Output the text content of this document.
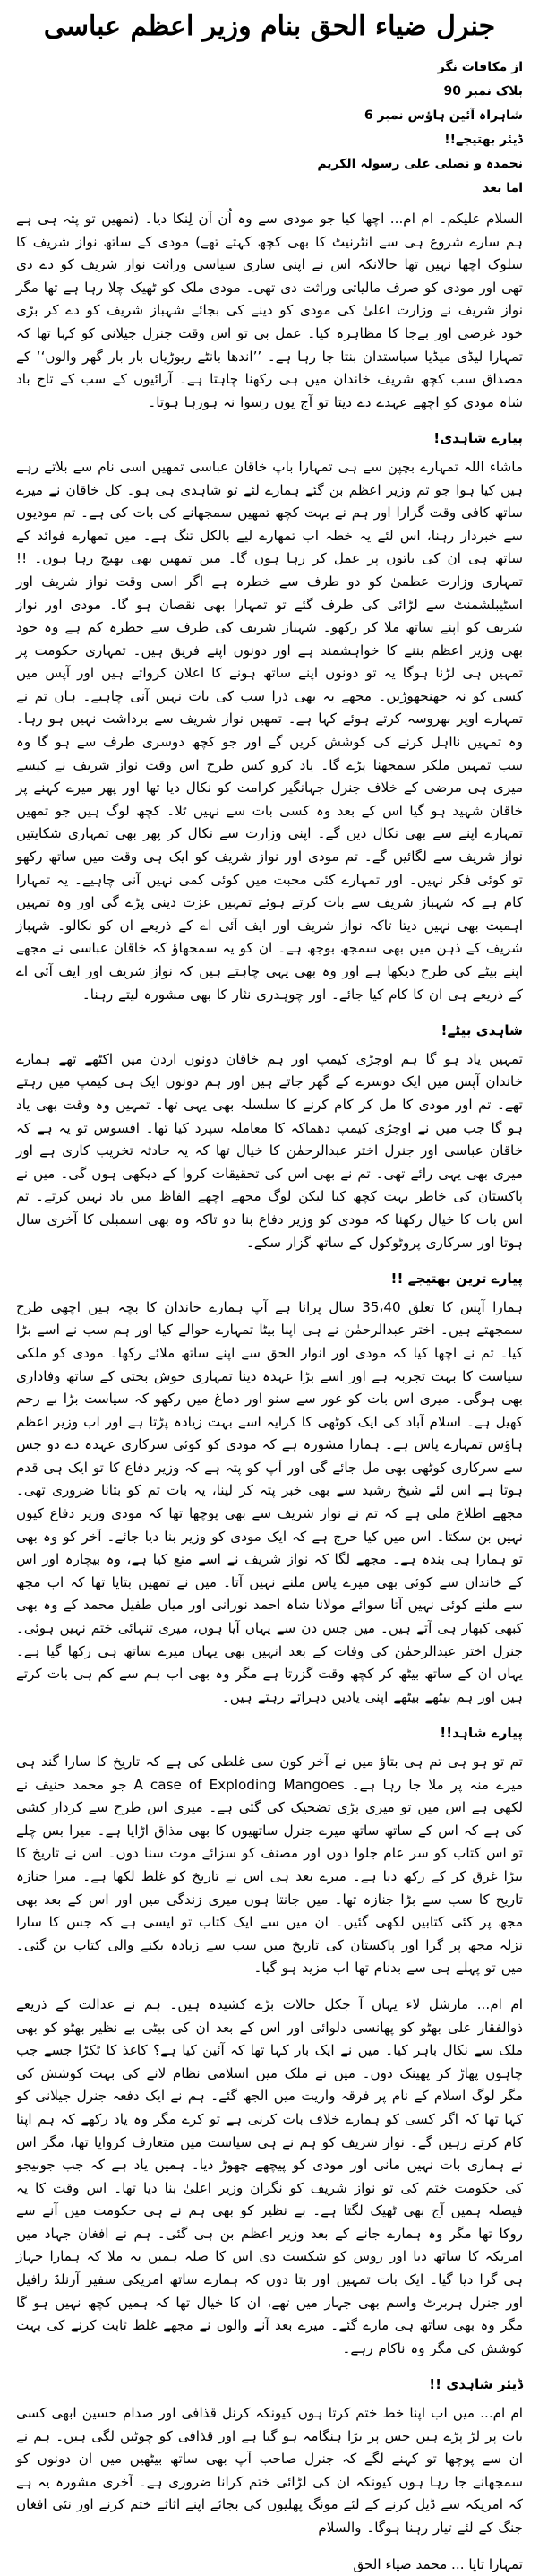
جنرل ضیاء الحق بنام وزیر اعظم عباسی
از مکافات نگر
بلاک نمبر 90
شاہراہ آئین ہاؤس نمبر 6
ڈیئر بھتیجے!!
نحمدہ و نصلی علی رسولہ الکریم
اما بعد

السلام علیکم۔ ام ام... اچھا کیا جو مودی سے وہ اُن آن لِنکا دیا۔ (تمھیں تو پتہ ہی ہے ہم سارے شروع ہی سے انٹرنیٹ کا بھی کچھ کہتے تھے) مودی کے ساتھ نواز شریف کا سلوک اچھا نہیں تھا حالانکہ اس نے اپنی ساری سیاسی وراثت نواز شریف کو دے دی تھی اور مودی کو صرف مالیاتی وراثت دی تھی۔ مودی ملک کو ٹھیک چلا رہا ہے تھا مگر نواز شریف نے وزارت اعلیٰ کی مودی کو دینے کی بجائے شہباز شریف کو دے کر بڑی خود غرضی اور بےجا کا مظاہرہ کیا۔ عمل بی تو اس وقت جنرل جیلانی کو کہا تھا کہ تمہارا لیڈی میڈیا سیاستدان بنتا جا رہا ہے۔ ’’اندھا بانٹے ریوڑیاں بار بار گھر والوں‘‘ کے مصداق سب کچھ شریف خاندان میں ہی رکھنا چاہتا ہے۔ آرائیوں کے سب کے تاج باد شاہ مودی کو اچھے عہدے دے دیتا تو آج یوں رسوا نہ ہورہا ہوتا۔

پیارے شاہدی!

ماشاء اللہ تمہارے بچپن سے ہی تمہارا باپ خاقان عباسی تمھیں اسی نام سے بلاتے رہے ہیں کیا ہوا جو تم وزیر اعظم بن گئے ہمارے لئے تو شاہدی ہی ہو۔ کل خاقان نے میرے ساتھ کافی وقت گزارا اور ہم نے بہت کچھ تمھیں سمجھانے کی بات کی ہے۔ تم مودیوں سے خبردار رہنا، اس لئے یہ خطہ اب تمھارے لیے بالکل تنگ ہے۔ میں تمھارے فوائد کے ساتھ ہی ان کی باتوں پر عمل کر رہا ہوں گا۔ میں تمھیں بھی بھیج رہا ہوں۔ !! تمہاری وزارت عظمیٰ کو دو طرف سے خطرہ ہے اگر اسی وقت نواز شریف اور اسٹیبلشمنٹ سے لڑائی کی طرف گئے تو تمہارا بھی نقصان ہو گا۔ مودی اور نواز شریف کو اپنے ساتھ ملا کر رکھو۔ شہباز شریف کی طرف سے خطرہ کم ہے وہ خود بھی وزیر اعظم بننے کا خواہشمند ہے اور دونوں اپنے فریق ہیں۔ تمہاری حکومت پر تمہیں ہی لڑنا ہوگا یہ تو دونوں اپنے ساتھ ہونے کا اعلان کرواتے ہیں اور آپس میں کسی کو نہ جھنجھوڑیں۔ مجھے یہ بھی ذرا سب کی بات نہیں آنی چاہیے۔ ہاں تم نے تمہارے اوپر بھروسہ کرتے ہوئے کہا ہے۔ تمھیں نواز شریف سے برداشت نہیں ہو رہا۔ وہ تمہیں نااہل کرنے کی کوشش کریں گے اور جو کچھ دوسری طرف سے ہو گا وہ سب تمہیں ملکر سمجھنا پڑے گا۔ یاد کرو کس طرح اس وقت نواز شریف نے کیسے میری ہی مرضی کے خلاف جنرل جہانگیر کرامت کو نکال دیا تھا اور پھر میرے کہنے پر خاقان شہید ہو گیا اس کے بعد وہ کسی بات سے نہیں ٹلا۔ کچھ لوگ ہیں جو تمھیں تمہارے اپنے سے بھی نکال دیں گے۔ اپنی وزارت سے نکال کر پھر بھی تمہاری شکایتیں نواز شریف سے لگائیں گے۔ تم مودی اور نواز شریف کو ایک ہی وقت میں ساتھ رکھو تو کوئی فکر نہیں۔ اور تمہارے کئی محبت میں کوئی کمی نہیں آنی چاہیے۔ یہ تمہارا کام ہے کہ شہباز شریف سے بات کرتے ہوئے تمہیں عزت دینی پڑے گی اور وہ تمہیں اہمیت بھی نہیں دیتا تاکہ نواز شریف اور ایف آئی اے کے ذریعے ان کو نکالو۔ شہباز شریف کے ذہن میں بھی سمجھ بوجھ ہے۔ ان کو یہ سمجھاؤ کہ خاقان عباسی نے مجھے اپنے بیٹے کی طرح دیکھا ہے اور وہ بھی یہی چاہتے ہیں کہ نواز شریف اور ایف آئی اے کے ذریعے ہی ان کا کام کیا جائے۔ اور چوہدری نثار کا بھی مشورہ لیتے رہنا۔

شاہدی بیٹے!

تمہیں یاد ہو گا ہم اوجڑی کیمپ اور ہم خاقان دونوں اردن میں اکٹھے تھے ہمارے خاندان آپس میں ایک دوسرے کے گھر جاتے ہیں اور ہم دونوں ایک ہی کیمپ میں رہتے تھے۔ تم اور مودی کا مل کر کام کرنے کا سلسلہ بھی یہی تھا۔ تمہیں وہ وقت بھی یاد ہو گا جب میں نے اوجڑی کیمپ دھماکہ کا معاملہ سپرد کیا تھا۔ افسوس تو یہ ہے کہ خاقان عباسی اور جنرل اختر عبدالرحمٰن کا خیال تھا کہ یہ حادثہ تخریب کاری ہے اور میری بھی یہی رائے تھی۔ تم نے بھی اس کی تحقیقات کروا کے دیکھی ہوں گی۔ میں نے پاکستان کی خاطر بہت کچھ کیا لیکن لوگ مجھے اچھے الفاظ میں یاد نہیں کرتے۔ تم اس بات کا خیال رکھنا کہ مودی کو وزیر دفاع بنا دو تاکہ وہ بھی اسمبلی کا آخری سال ہوتا اور سرکاری پروٹوکول کے ساتھ گزار سکے۔

پیارے ترین بھتیجے !!

ہمارا آپس کا تعلق 35،40 سال پرانا ہے آپ ہمارے خاندان کا بچہ ہیں اچھی طرح سمجھتے ہیں۔ اختر عبدالرحمٰن نے ہی اپنا بیٹا تمہارے حوالے کیا اور ہم سب نے اسے بڑا کیا۔ تم نے اچھا کیا کہ مودی اور انوار الحق سے اپنے ساتھ ملائے رکھا۔ مودی کو ملکی سیاست کا بہت تجربہ ہے اور اسے بڑا عہدہ دینا تمہاری خوش بختی کے ساتھ وفاداری بھی ہوگی۔ میری اس بات کو غور سے سنو اور دماغ میں رکھو کہ سیاست بڑا بے رحم کھیل ہے۔ اسلام آباد کی ایک کوٹھی کا کرایہ اسے بہت زیادہ پڑتا ہے اور اب وزیر اعظم ہاؤس تمہارے پاس ہے۔ ہمارا مشورہ ہے کہ مودی کو کوئی سرکاری عہدہ دے دو جس سے سرکاری کوٹھی بھی مل جائے گی اور آپ کو پتہ ہے کہ وزیر دفاع کا تو ایک ہی قدم ہوتا ہے اس لئے شیخ رشید سے بھی خبر پتہ کر لینا، یہ بات تم کو بتانا ضروری تھی۔ مجھے اطلاع ملی ہے کہ تم نے نواز شریف سے بھی پوچھا تھا کہ مودی وزیر دفاع کیوں نہیں بن سکتا۔ اس میں کیا حرج ہے کہ ایک مودی کو وزیر بنا دیا جائے۔ آخر کو وہ بھی تو ہمارا ہی بندہ ہے۔ مجھے لگا کہ نواز شریف نے اسے منع کیا ہے، وہ بیچارہ اور اس کے خاندان سے کوئی بھی میرے پاس ملنے نہیں آتا۔ میں نے تمھیں بتایا تھا کہ اب مجھ سے ملنے کوئی نہیں آتا سوائے مولانا شاہ احمد نورانی اور میاں طفیل محمد کے وہ بھی کبھی کبھار ہی آتے ہیں۔ میں جس دن سے یہاں آیا ہوں، میری تنہائی ختم نہیں ہوئی۔ جنرل اختر عبدالرحمٰن کی وفات کے بعد انہیں بھی یہاں میرے ساتھ ہی رکھا گیا ہے۔ یہاں ان کے ساتھ بیٹھ کر کچھ وقت گزرتا ہے مگر وہ بھی اب ہم سے کم ہی بات کرتے ہیں اور ہم بیٹھے بیٹھے اپنی یادیں دہراتے رہتے ہیں۔

پیارے شاہد!!

تم تو ہو ہی تم ہی بتاؤ میں نے آخر کون سی غلطی کی ہے کہ تاریخ کا سارا گند ہی میرے منہ پر ملا جا رہا ہے۔ A case of Exploding Mangoes جو محمد حنیف نے لکھی ہے اس میں تو میری بڑی تضحیک کی گئی ہے۔ میری اس طرح سے کردار کشی کی ہے کہ اس کے ساتھ ساتھ میرے جنرل ساتھیوں کا بھی مذاق اڑایا ہے۔ میرا بس چلے تو اس کتاب کو سر عام جلوا دوں اور مصنف کو سزائے موت سنا دوں۔ اس نے تاریخ کا بیڑا غرق کر کے رکھ دیا ہے۔ میرے بعد ہی اس نے تاریخ کو غلط لکھا ہے۔ میرا جنازہ تاریخ کا سب سے بڑا جنازہ تھا۔ میں جانتا ہوں میری زندگی میں اور اس کے بعد بھی مجھ پر کئی کتابیں لکھی گئیں۔ ان میں سے ایک کتاب تو ایسی ہے کہ جس کا سارا نزلہ مجھ پر گرا اور پاکستان کی تاریخ میں سب سے زیادہ بکنے والی کتاب بن گئی۔ میں تو پہلے ہی سے بدنام تھا اب مزید ہو گیا۔

ام ام... مارشل لاء یہاں آ جکل حالات بڑے کشیدہ ہیں۔ ہم نے عدالت کے ذریعے ذوالفقار علی بھٹو کو پھانسی دلوائی اور اس کے بعد ان کی بیٹی بے نظیر بھٹو کو بھی ملک سے نکال باہر کیا۔ میں نے ایک بار کہا تھا کہ آئین کیا ہے؟ کاغذ کا ٹکڑا جسے جب چاہوں پھاڑ کر پھینک دوں۔ میں نے ملک میں اسلامی نظام لانے کی بہت کوشش کی مگر لوگ اسلام کے نام پر فرقہ واریت میں الجھ گئے۔ ہم نے ایک دفعہ جنرل جیلانی کو کہا تھا کہ اگر کسی کو ہمارے خلاف بات کرنی ہے تو کرے مگر وہ یاد رکھے کہ ہم اپنا کام کرتے رہیں گے۔ نواز شریف کو ہم نے ہی سیاست میں متعارف کروایا تھا، مگر اس نے ہماری بات نہیں مانی اور مودی کو پیچھے چھوڑ دیا۔ ہمیں یاد ہے کہ جب جونیجو کی حکومت ختم کی تو نواز شریف کو نگران وزیر اعلیٰ بنا دیا تھا۔ اس وقت کا یہ فیصلہ ہمیں آج بھی ٹھیک لگتا ہے۔ بے نظیر کو بھی ہم نے ہی حکومت میں آنے سے روکا تھا مگر وہ ہمارے جانے کے بعد وزیر اعظم بن ہی گئی۔ ہم نے افغان جہاد میں امریکہ کا ساتھ دیا اور روس کو شکست دی اس کا صلہ ہمیں یہ ملا کہ ہمارا جہاز ہی گرا دیا گیا۔ ایک بات تمہیں اور بتا دوں کہ ہمارے ساتھ امریکی سفیر آرنلڈ رافیل اور جنرل ہربرٹ واسم بھی جہاز میں تھے، ان کا خیال تھا کہ ہمیں کچھ نہیں ہو گا مگر وہ بھی ساتھ ہی مارے گئے۔ میرے بعد آنے والوں نے مجھے غلط ثابت کرنے کی بہت کوشش کی مگر وہ ناکام رہے۔

ڈیئر شاہدی !!

ام ام... میں اب اپنا خط ختم کرتا ہوں کیونکہ کرنل قذافی اور صدام حسین ابھی کسی بات پر لڑ پڑے ہیں جس پر بڑا ہنگامہ ہو گیا ہے اور قذافی کو چوٹیں لگی ہیں۔ ہم نے ان سے پوچھا تو کہنے لگے کہ جنرل صاحب آپ بھی ساتھ بیٹھیں میں ان دونوں کو سمجھانے جا رہا ہوں کیونکہ ان کی لڑائی ختم کرانا ضروری ہے۔ آخری مشورہ یہ ہے کہ امریکہ سے ڈیل کرنے کے لئے مونگ پھلیوں کی بجائے اپنے اثاثے ختم کرنے اور نئی افغان جنگ کے لئے تیار رہنا ہوگا۔ والسلام

تمہارا تایا ... محمد ضیاء الحق
